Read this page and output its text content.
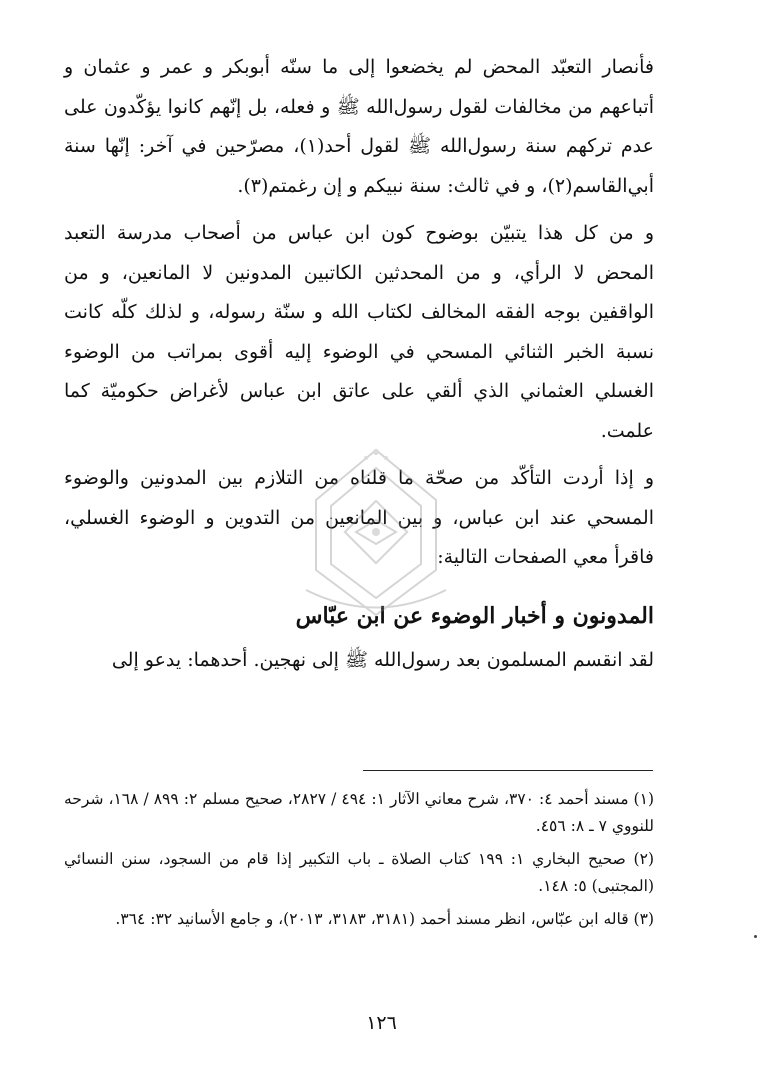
فأنصار التعبّد المحض لم يخضعوا إلى ما سنّه أبوبكر و عمر و عثمان و أتباعهم من مخالفات لقول رسول‌الله ﷺ و فعله، بل إنّهم كانوا يؤكّدون على عدم تركهم سنة رسول‌الله ﷺ لقول أحد(١)، مصرّحين في آخر: إنّها سنة أبي‌القاسم(٢)، و في ثالث: سنة نبيكم و إن رغمتم(٣).

و من كل هذا يتبيّن بوضوح كون ابن عباس من أصحاب مدرسة التعبد المحض لا الرأي، و من المحدثين الكاتبين المدونين لا المانعين، و من الواقفين بوجه الفقه المخالف لكتاب الله و سنّة رسوله، و لذلك كلّه كانت نسبة الخبر الثنائي المسحي في الوضوء إليه أقوى بمراتب من الوضوء الغسلي العثماني الذي ألقي على عاتق ابن عباس لأغراض حكوميّة كما علمت.

و إذا أردت التأكّد من صحّة ما قلناه من التلازم بين المدونين والوضوء المسحي عند ابن عباس، و بين المانعين من التدوين و الوضوء الغسلي، فاقرأ معي الصفحات التالية:

المدونون و أخبار الوضوء عن ابن عبّاس

لقد انقسم المسلمون بعد رسول‌الله ﷺ إلى نهجين. أحدهما: يدعو إلى

(١) مسند أحمد ٤: ٣٧٠، شرح معاني الآثار ١: ٤٩٤ / ٢٨٢٧، صحيح مسلم ٢: ٨٩٩ / ١٦٨، شرحه للنووي ٧ ـ ٨: ٤٥٦.

(٢) صحيح البخاري ١: ١٩٩ كتاب الصلاة ـ باب التكبير إذا قام من السجود، سنن النسائي (المجتبى) ٥: ١٤٨.

(٣) قاله ابن عبّاس، انظر مسند أحمد (٣١٨١، ٣١٨٣، ٢٠١٣)، و جامع الأسانيد ٣٢: ٣٦٤.

١٢٦
